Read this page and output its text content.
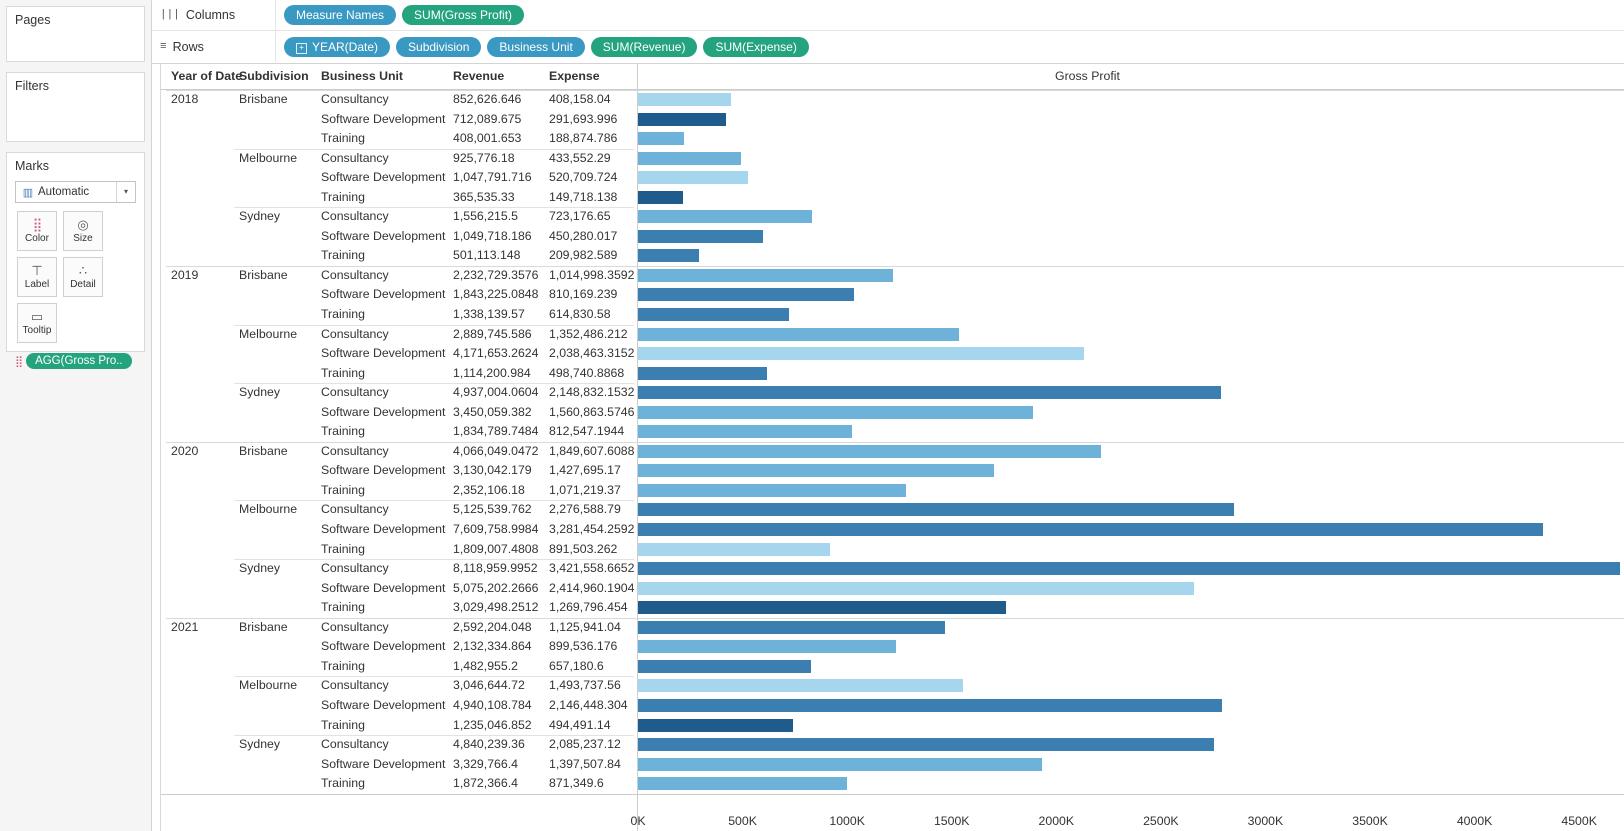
Pages
Filters
Marks
▥ Automatic	▾
⣿
Color
◎
Size
⊤
Label
∴
Detail
▭
Tooltip
⣿	AGG(Gross Pro..
||| Columns	Measure Names	SUM(Gross Profit)
≡ Rows	+ YEAR(Date)	Subdivision	Business Unit	SUM(Revenue)	SUM(Expense)
Year of Date
Subdivision Business Unit	Revenue	Expense	Gross Profit
2018	Brisbane	Consultancy	852,626.646 408,158.04
Software Development 712,089.675 291,693.996
Training	408,001.653 188,874.786
Melbourne Consultancy	925,776.18	433,552.29
Software Development 1,047,791.716 520,709.724
Training	365,535.33	149,718.138
Sydney	Consultancy	1,556,215.5	723,176.65
Software Development 1,049,718.186 450,280.017
Training	501,113.148 209,982.589
2019	Brisbane	Consultancy	2,232,729.3576 1,014,998.3592
Software Development 1,843,225.0848 810,169.239
Training	1,338,139.57 614,830.58
Melbourne Consultancy	2,889,745.586 1,352,486.212
Software Development 4,171,653.2624 2,038,463.3152
Training	1,114,200.984 498,740.8868
Sydney	Consultancy	4,937,004.0604 2,148,832.1532
Software Development 3,450,059.382 1,560,863.5746
Training	1,834,789.7484 812,547.1944
2020	Brisbane	Consultancy	4,066,049.0472 1,849,607.6088
Software Development 3,130,042.179 1,427,695.17
Training	2,352,106.18 1,071,219.37
Melbourne Consultancy	5,125,539.762 2,276,588.79
Software Development 7,609,758.9984 3,281,454.2592
Training	1,809,007.4808 891,503.262
Sydney	Consultancy	8,118,959.9952 3,421,558.6652
Software Development 5,075,202.2666 2,414,960.1904
Training	3,029,498.2512 1,269,796.454
2021	Brisbane	Consultancy	2,592,204.048 1,125,941.04
Software Development 2,132,334.864 899,536.176
Training	1,482,955.2	657,180.6
Melbourne Consultancy	3,046,644.72 1,493,737.56
Software Development 4,940,108.784 2,146,448.304
Training	1,235,046.852 494,491.14
Sydney	Consultancy	4,840,239.36 2,085,237.12
Software Development 3,329,766.4	1,397,507.84
Training	1,872,366.4	871,349.6
0K	500K	1000K	1500K	2000K	2500K	3000K	3500K	4000K	4500K
